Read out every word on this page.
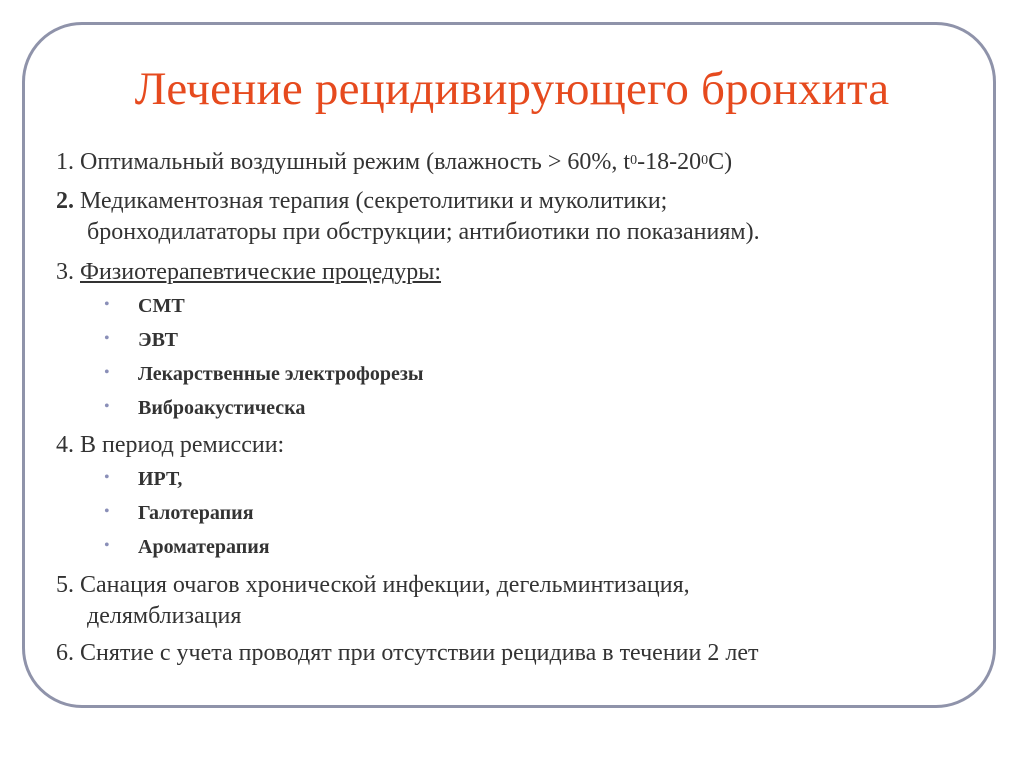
Лечение рецидивирующего бронхита
1. Оптимальный воздушный режим (влажность > 60%, $t^0-18-20^0С$)
2. Медикаментозная терапия (секретолитики и муколитики;
бронходилататоры при обструкции; антибиотики по показаниям).
3. Физиотерапевтические процедуры:
• СМТ
• ЭВТ
• Лекарственные электрофорезы
• Виброакустическа
4. В период ремиссии:
• ИРТ,
• Галотерапия
• Ароматерапия
5. Санация очагов хронической инфекции, дегельминтизация,
делямблизация
6. Снятие с учета проводят при отсутствии рецидива в течении 2 лет
